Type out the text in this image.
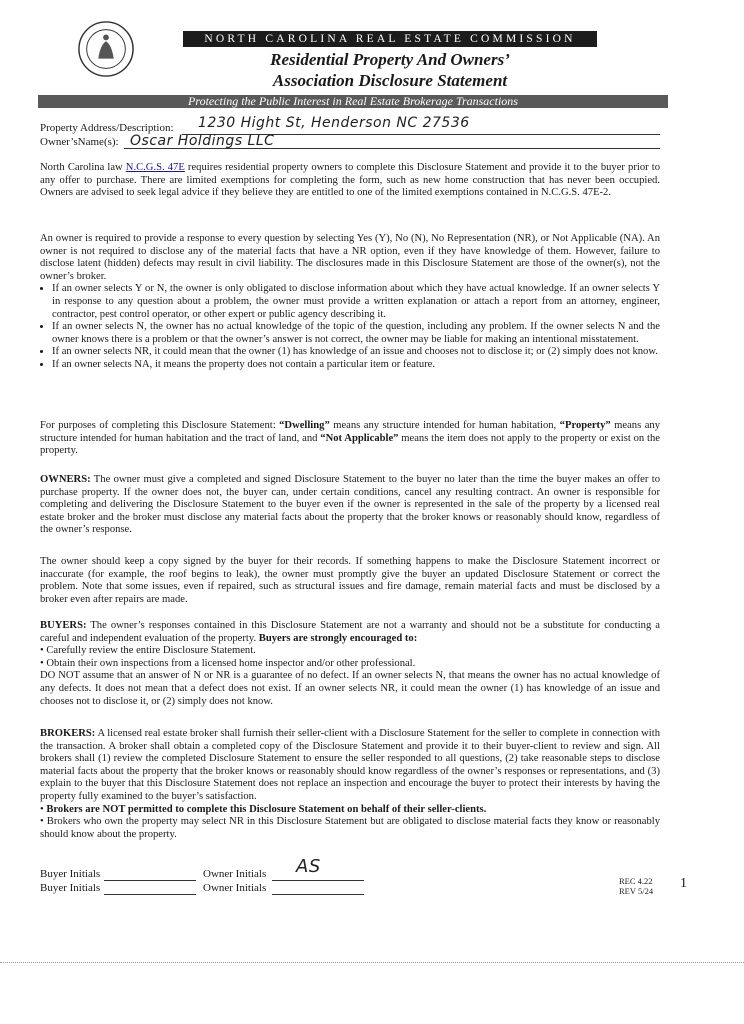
NORTH CAROLINA REAL ESTATE COMMISSION
Residential Property And Owners’
Association Disclosure Statement
Protecting the Public Interest in Real Estate Brokerage Transactions
Property Address/Description: 1230 Hight St, Henderson NC 27536
Owner’sName(s): Oscar Holdings LLC

North Carolina law N.C.G.S. 47E requires residential property owners to complete this Disclosure Statement and provide it to the buyer prior to any offer to purchase. There are limited exemptions for completing the form, such as new home construction that has never been occupied. Owners are advised to seek legal advice if they believe they are entitled to one of the limited exemptions contained in N.C.G.S. 47E-2.

An owner is required to provide a response to every question by selecting Yes (Y), No (N), No Representation (NR), or Not Applicable (NA). An owner is not required to disclose any of the material facts that have a NR option, even if they have knowledge of them. However, failure to disclose latent (hidden) defects may result in civil liability. The disclosures made in this Disclosure Statement are those of the owner(s), not the owner’s broker.

• If an owner selects Y or N, the owner is only obligated to disclose information about which they have actual knowledge. If an owner selects Y in response to any question about a problem, the owner must provide a written explanation or attach a report from an attorney, engineer, contractor, pest control operator, or other expert or public agency describing it.
• If an owner selects N, the owner has no actual knowledge of the topic of the question, including any problem. If the owner selects N and the owner knows there is a problem or that the owner’s answer is not correct, the owner may be liable for making an intentional misstatement.
• If an owner selects NR, it could mean that the owner (1) has knowledge of an issue and chooses not to disclose it; or (2) simply does not know.
• If an owner selects NA, it means the property does not contain a particular item or feature.

For purposes of completing this Disclosure Statement: “Dwelling” means any structure intended for human habitation, “Property” means any structure intended for human habitation and the tract of land, and “Not Applicable” means the item does not apply to the property or exist on the property.

OWNERS: The owner must give a completed and signed Disclosure Statement to the buyer no later than the time the buyer makes an offer to purchase property. If the owner does not, the buyer can, under certain conditions, cancel any resulting contract. An owner is responsible for completing and delivering the Disclosure Statement to the buyer even if the owner is represented in the sale of the property by a licensed real estate broker and the broker must disclose any material facts about the property that the broker knows or reasonably should know, regardless of the owner’s response.

The owner should keep a copy signed by the buyer for their records. If something happens to make the Disclosure Statement incorrect or inaccurate (for example, the roof begins to leak), the owner must promptly give the buyer an updated Disclosure Statement or correct the problem. Note that some issues, even if repaired, such as structural issues and fire damage, remain material facts and must be disclosed by a broker even after repairs are made.

BUYERS: The owner’s responses contained in this Disclosure Statement are not a warranty and should not be a substitute for conducting a careful and independent evaluation of the property. Buyers are strongly encouraged to:

• Carefully review the entire Disclosure Statement.
• Obtain their own inspections from a licensed home inspector and/or other professional.

DO NOT assume that an answer of N or NR is a guarantee of no defect. If an owner selects N, that means the owner has no actual knowledge of any defects. It does not mean that a defect does not exist. If an owner selects NR, it could mean the owner (1) has knowledge of an issue and chooses not to disclose it, or (2) simply does not know.

BROKERS: A licensed real estate broker shall furnish their seller-client with a Disclosure Statement for the seller to complete in connection with the transaction. A broker shall obtain a completed copy of the Disclosure Statement and provide it to their buyer-client to review and sign. All brokers shall (1) review the completed Disclosure Statement to ensure the seller responded to all questions, (2) take reasonable steps to disclose material facts about the property that the broker knows or reasonably should know regardless of the owner’s responses or representations, and (3) explain to the buyer that this Disclosure Statement does not replace an inspection and encourage the buyer to protect their interests by having the property fully examined to the buyer’s satisfaction.

• Brokers are NOT permitted to complete this Disclosure Statement on behalf of their seller-clients.
• Brokers who own the property may select NR in this Disclosure Statement but are obligated to disclose material facts they know or reasonably should know about the property.
Buyer Initials
Buyer Initials
Owner Initials AS
Owner Initials
REC 4.22
REV 5/24 1
